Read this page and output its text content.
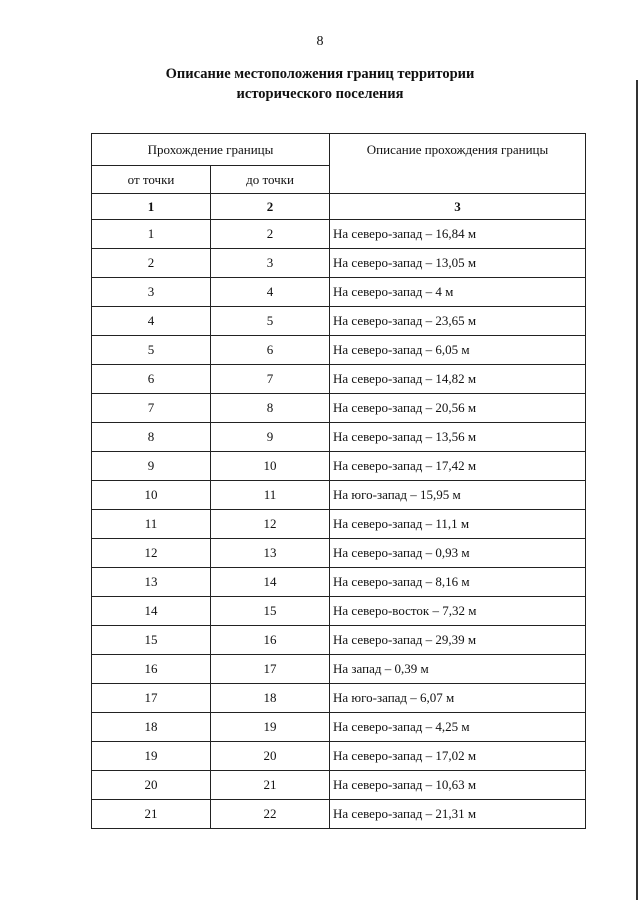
8
Описание местоположения границ территории
исторического поселения
Прохождение границы		Описание прохождения границы
от точки	до точки	
1	2	3
1	2	На северо-запад – 16,84 м
2	3	На северо-запад – 13,05 м
3	4	На северо-запад – 4 м
4	5	На северо-запад – 23,65 м
5	6	На северо-запад – 6,05 м
6	7	На северо-запад – 14,82 м
7	8	На северо-запад – 20,56 м
8	9	На северо-запад – 13,56 м
9	10	На северо-запад – 17,42 м
10	11	На юго-запад – 15,95 м
11	12	На северо-запад – 11,1 м
12	13	На северо-запад – 0,93 м
13	14	На северо-запад – 8,16 м
14	15	На северо-восток – 7,32 м
15	16	На северо-запад – 29,39 м
16	17	На запад – 0,39 м
17	18	На юго-запад – 6,07 м
18	19	На северо-запад – 4,25 м
19	20	На северо-запад – 17,02 м
20	21	На северо-запад – 10,63 м
21	22	На северо-запад – 21,31 м
